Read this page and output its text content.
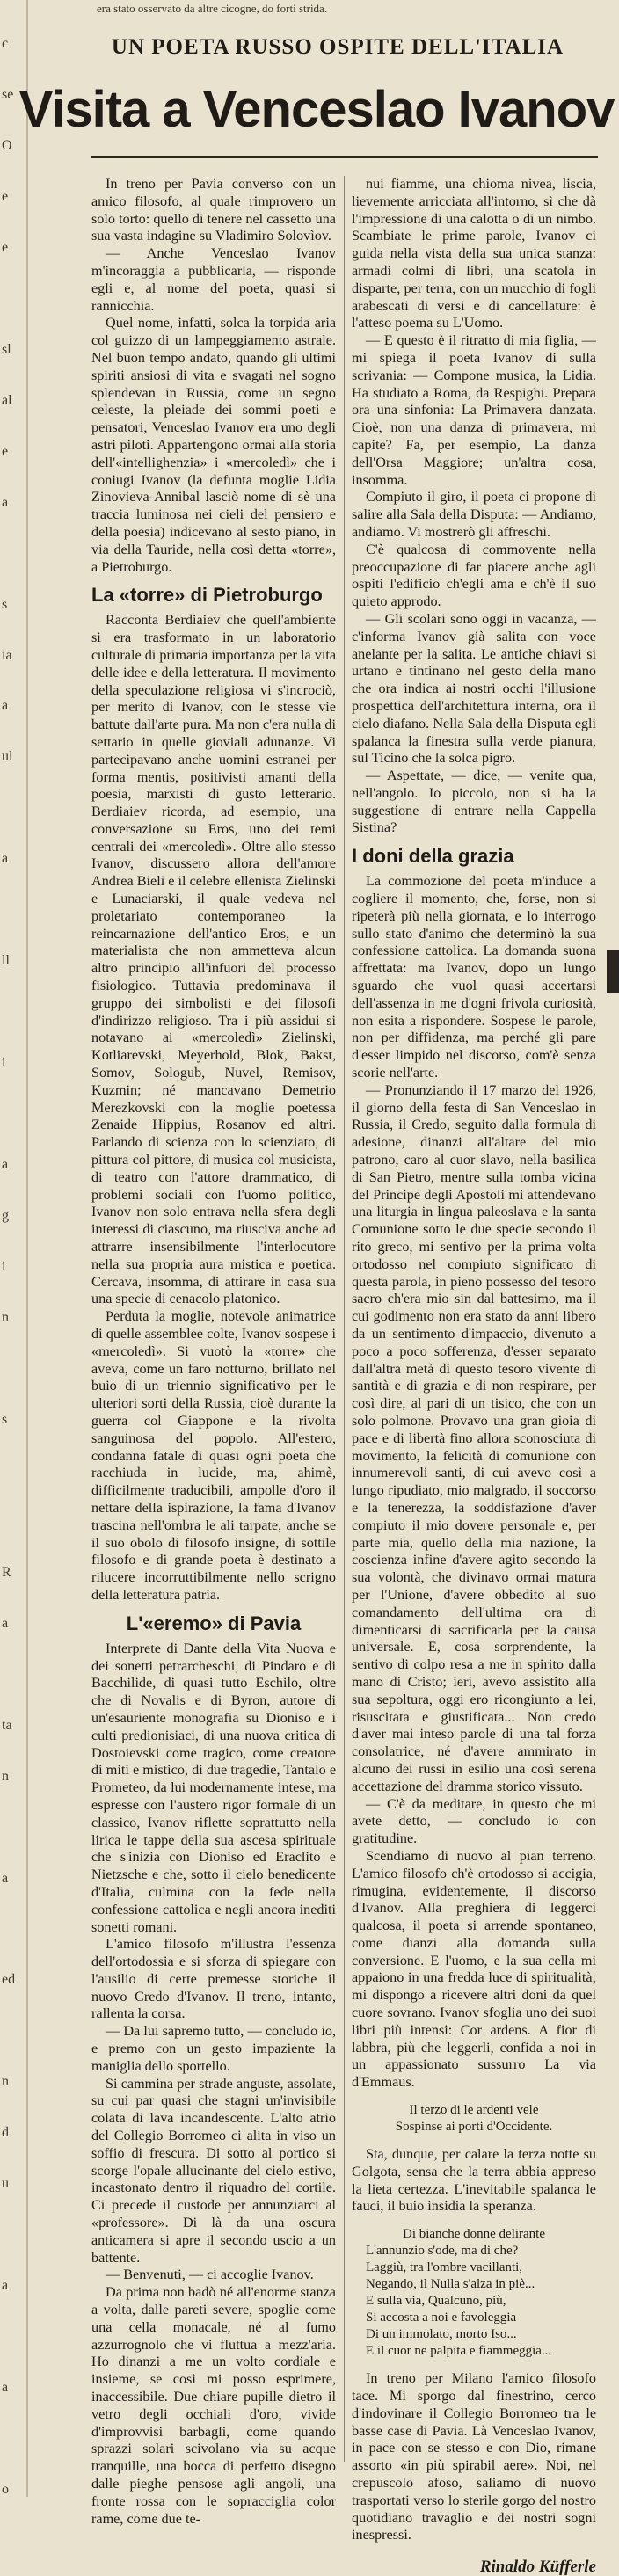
c
se
O
e
e
sl
al
e
a
s
ia
a
ul
a
ll
i
a
g
i
n
s
R
a
ta
n
a
ed
n
d
u
a
a
o
era stato osservato da altre cicogne, do forti strida.
UN POETA RUSSO OSPITE DELL'ITALIA
Visita a Venceslao Ivanov

In treno per Pavia converso con un amico filosofo, al quale rimprovero un solo torto: quello di tenere nel cassetto una sua vasta indagine su Vladimiro Solovìov.

— Anche Venceslao Ivanov m'incoraggia a pubblicarla, — risponde egli e, al nome del poeta, quasi si rannicchia.

Quel nome, infatti, solca la torpida aria col guizzo di un lampeggiamento astrale. Nel buon tempo andato, quando gli ultimi spiriti ansiosi di vita e svagati nel sogno splendevan in Russia, come un segno celeste, la pleiade dei sommi poeti e pensatori, Venceslao Ivanov era uno degli astri piloti. Appartengono ormai alla storia dell'«intellighenzia» i «mercoledì» che i coniugi Ivanov (la defunta moglie Lidia Zinovieva-Annibal lasciò nome di sè una traccia luminosa nei cieli del pensiero e della poesia) indicevano al sesto piano, in via della Tauride, nella così detta «torre», a Pietroburgo.

La «torre» di Pietroburgo

Racconta Berdiaiev che quell'ambiente si era trasformato in un laboratorio culturale di primaria importanza per la vita delle idee e della letteratura. Il movimento della speculazione religiosa vi s'incrociò, per merito di Ivanov, con le stesse vie battute dall'arte pura. Ma non c'era nulla di settario in quelle gioviali adunanze. Vi partecipavano anche uomini estranei per forma mentis, positivisti amanti della poesia, marxisti di gusto letterario. Berdiaiev ricorda, ad esempio, una conversazione su Eros, uno dei temi centrali dei «mercoledì». Oltre allo stesso Ivanov, discussero allora dell'amore Andrea Bieli e il celebre ellenista Zielinski e Lunaciarski, il quale vedeva nel proletariato contemporaneo la reincarnazione dell'antico Eros, e un materialista che non ammetteva alcun altro principio all'infuori del processo fisiologico. Tuttavia predominava il gruppo dei simbolisti e dei filosofi d'indirizzo religioso. Tra i più assidui si notavano ai «mercoledì» Zielinski, Kotliarevski, Meyerhold, Blok, Bakst, Somov, Sologub, Nuvel, Remisov, Kuzmin; né mancavano Demetrio Merezkovski con la moglie poetessa Zenaide Hippius, Rosanov ed altri. Parlando di scienza con lo scienziato, di pittura col pittore, di musica col musicista, di teatro con l'attore drammatico, di problemi sociali con l'uomo politico, Ivanov non solo entrava nella sfera degli interessi di ciascuno, ma riusciva anche ad attrarre insensibilmente l'interlocutore nella sua propria aura mistica e poetica. Cercava, insomma, di attirare in casa sua una specie di cenacolo platonico.

Perduta la moglie, notevole animatrice di quelle assemblee colte, Ivanov sospese i «mercoledì». Si vuotò la «torre» che aveva, come un faro notturno, brillato nel buio di un triennio significativo per le ulteriori sorti della Russia, cioè durante la guerra col Giappone e la rivolta sanguinosa del popolo. All'estero, condanna fatale di quasi ogni poeta che racchiuda in lucide, ma, ahimè, difficilmente traducibili, ampolle d'oro il nettare della ispirazione, la fama d'Ivanov trascina nell'ombra le ali tarpate, anche se il suo obolo di filosofo insigne, di sottile filosofo e di grande poeta è destinato a rilucere incorruttibilmente nello scrigno della letteratura patria.

L'«eremo» di Pavia

Interprete di Dante della Vita Nuova e dei sonetti petrarcheschi, di Pindaro e di Bacchilide, di quasi tutto Eschilo, oltre che di Novalis e di Byron, autore di un'esauriente monografia su Dioniso e i culti predionisiaci, di una nuova critica di Dostoievski come tragico, come creatore di miti e mistico, di due tragedie, Tantalo e Prometeo, da lui modernamente intese, ma espresse con l'austero rigor formale di un classico, Ivanov riflette soprattutto nella lirica le tappe della sua ascesa spirituale che s'inizia con Dioniso ed Eraclito e Nietzsche e che, sotto il cielo benedicente d'Italia, culmina con la fede nella confessione cattolica e negli ancora inediti sonetti romani.

L'amico filosofo m'illustra l'essenza dell'ortodossia e si sforza di spiegare con l'ausilio di certe premesse storiche il nuovo Credo d'Ivanov. Il treno, intanto, rallenta la corsa.

— Da lui sapremo tutto, — concludo io, e premo con un gesto impaziente la maniglia dello sportello.

Si cammina per strade anguste, assolate, su cui par quasi che stagni un'invisibile colata di lava incandescente. L'alto atrio del Collegio Borromeo ci alita in viso un soffio di frescura. Di sotto al portico si scorge l'opale allucinante del cielo estivo, incastonato dentro il riquadro del cortile. Ci precede il custode per annunziarci al «professore». Di là da una oscura anticamera si apre il secondo uscio a un battente.

— Benvenuti, — ci accoglie Ivanov.

Da prima non badò né all'enorme stanza a volta, dalle pareti severe, spoglie come una cella monacale, né al fumo azzurrognolo che vi fluttua a mezz'aria. Ho dinanzi a me un volto cordiale e insieme, se così mi posso esprimere, inaccessibile. Due chiare pupille dietro il vetro degli occhiali d'oro, vivide d'improvvisi barbagli, come quando sprazzi solari scivolano via su acque tranquille, una bocca di perfetto disegno dalle pieghe pensose agli angoli, una fronte rossa con le sopracciglia color rame, come due te-

nui fiamme, una chioma nivea, liscia, lievemente arricciata all'intorno, sì che dà l'impressione di una calotta o di un nimbo. Scambiate le prime parole, Ivanov ci guida nella vista della sua unica stanza: armadi colmi di libri, una scatola in disparte, per terra, con un mucchio di fogli arabescati di versi e di cancellature: è l'atteso poema su L'Uomo.

— E questo è il ritratto di mia figlia, — mi spiega il poeta Ivanov di sulla scrivania: — Compone musica, la Lidia. Ha studiato a Roma, da Respighi. Prepara ora una sinfonia: La Primavera danzata. Cioè, non una danza di primavera, mi capite? Fa, per esempio, La danza dell'Orsa Maggiore; un'altra cosa, insomma.

Compiuto il giro, il poeta ci propone di salire alla Sala della Disputa: — Andiamo, andiamo. Vi mostrerò gli affreschi.

C'è qualcosa di commovente nella preoccupazione di far piacere anche agli ospiti l'edificio ch'egli ama e ch'è il suo quieto approdo.

— Gli scolari sono oggi in vacanza, — c'informa Ivanov già salita con voce anelante per la salita. Le antiche chiavi si urtano e tintinano nel gesto della mano che ora indica ai nostri occhi l'illusione prospettica dell'architettura interna, ora il cielo diafano. Nella Sala della Disputa egli spalanca la finestra sulla verde pianura, sul Ticino che la solca pigro.

— Aspettate, — dice, — venite qua, nell'angolo. Io piccolo, non si ha la suggestione di entrare nella Cappella Sistina?

I doni della grazia

La commozione del poeta m'induce a cogliere il momento, che, forse, non si ripeterà più nella giornata, e lo interrogo sullo stato d'animo che determinò la sua confessione cattolica. La domanda suona affrettata: ma Ivanov, dopo un lungo sguardo che vuol quasi accertarsi dell'assenza in me d'ogni frivola curiosità, non esita a rispondere. Sospese le parole, non per diffidenza, ma perché gli pare d'esser limpido nel discorso, com'è senza scorie nell'arte.

— Pronunziando il 17 marzo del 1926, il giorno della festa di San Venceslao in Russia, il Credo, seguito dalla formula di adesione, dinanzi all'altare del mio patrono, caro al cuor slavo, nella basilica di San Pietro, mentre sulla tomba vicina del Principe degli Apostoli mi attendevano una liturgia in lingua paleoslava e la santa Comunione sotto le due specie secondo il rito greco, mi sentivo per la prima volta ortodosso nel compiuto significato di questa parola, in pieno possesso del tesoro sacro ch'era mio sin dal battesimo, ma il cui godimento non era stato da anni libero da un sentimento d'impaccio, divenuto a poco a poco sofferenza, d'esser separato dall'altra metà di questo tesoro vivente di santità e di grazia e di non respirare, per così dire, al pari di un tisico, che con un solo polmone. Provavo una gran gioia di pace e di libertà fino allora sconosciuta di movimento, la felicità di comunione con innumerevoli santi, di cui avevo così a lungo ripudiato, mio malgrado, il soccorso e la tenerezza, la soddisfazione d'aver compiuto il mio dovere personale e, per parte mia, quello della mia nazione, la coscienza infine d'avere agito secondo la sua volontà, che divinavo ormai matura per l'Unione, d'avere obbedito al suo comandamento dell'ultima ora di dimenticarsi di sacrificarla per la causa universale. E, cosa sorprendente, la sentivo di colpo resa a me in spirito dalla mano di Cristo; ieri, avevo assistito alla sua sepoltura, oggi ero ricongiunto a lei, risuscitata e giustificata... Non credo d'aver mai inteso parole di una tal forza consolatrice, né d'avere ammirato in alcuno dei russi in esilio una così serena accettazione del dramma storico vissuto.

— C'è da meditare, in questo che mi avete detto, — concludo io con gratitudine.

Scendiamo di nuovo al pian terreno. L'amico filosofo ch'è ortodosso si accigia, rimugina, evidentemente, il discorso d'Ivanov. Alla preghiera di leggerci qualcosa, il poeta si arrende spontaneo, come dianzi alla domanda sulla conversione. E l'uomo, e la sua cella mi appaiono in una fredda luce di spiritualità; mi dispongo a ricevere altri doni da quel cuore sovrano. Ivanov sfoglia uno dei suoi libri più intensi: Cor ardens. A fior di labbra, più che leggerli, confida a noi in un appassionato sussurro La via d'Emmaus.

Il terzo di le ardenti vele
Sospinse ai porti d'Occidente.

Sta, dunque, per calare la terza notte su Golgota, sensa che la terra abbia appreso la lieta certezza. L'inevitabile spalanca le fauci, il buio insidia la speranza.

Di bianche donne delirante
L'annunzio s'ode, ma di che?
Laggiù, tra l'ombre vacillanti,
Negando, il Nulla s'alza in piè...
E sulla via, Qualcuno, più,
Si accosta a noi e favoleggia
Di un immolato, morto Iso...
E il cuor ne palpita e fiammeggia...

In treno per Milano l'amico filosofo tace. Mi sporgo dal finestrino, cerco d'indovinare il Collegio Borromeo tra le basse case di Pavia. Là Venceslao Ivanov, in pace con se stesso e con Dio, rimane assorto «in più spirabil aere». Noi, nel crepuscolo afoso, saliamo di nuovo trasportati verso lo sterile gorgo del nostro quotidiano travaglio e dei nostri sogni inespressi.

Rinaldo Küfferle
